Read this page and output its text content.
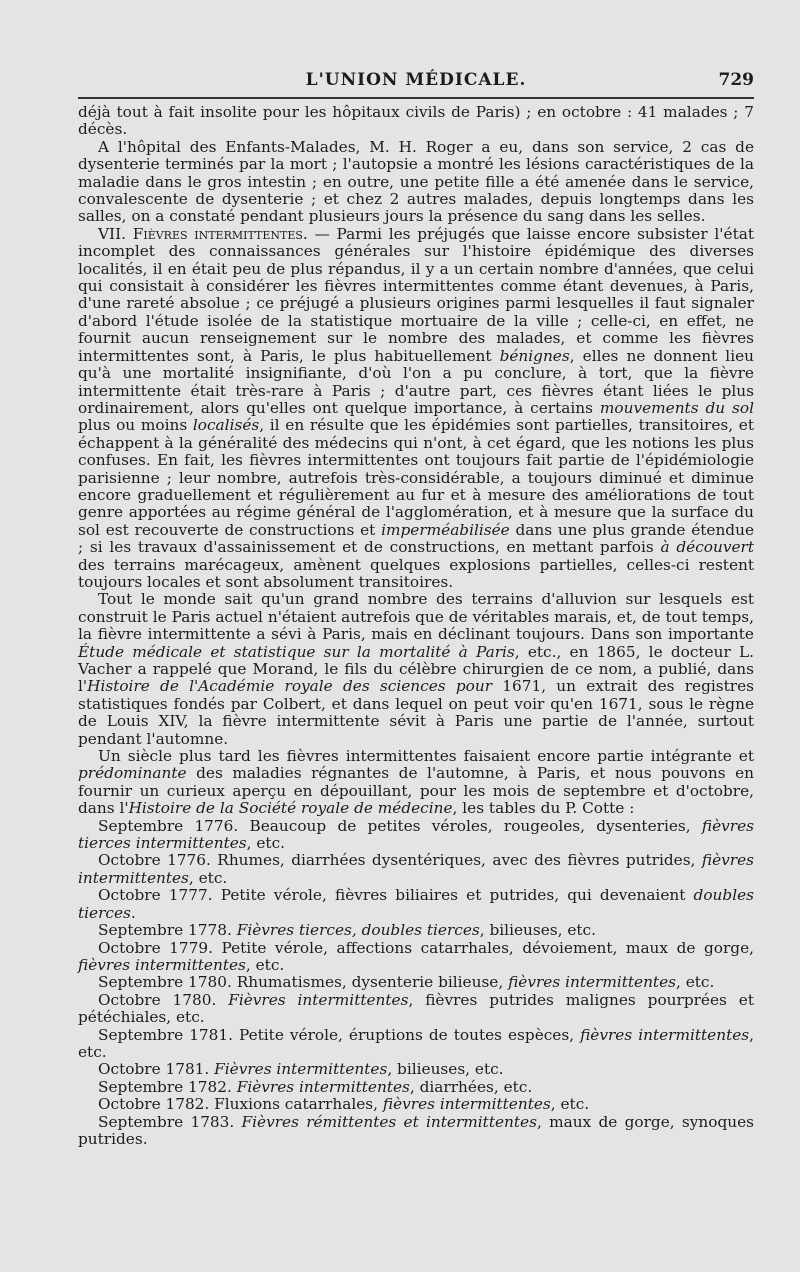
L'UNION MÉDICALE.	729

déjà tout à fait insolite pour les hôpitaux civils de Paris) ; en octobre : 41 malades ; 7 décès.

A l'hôpital des Enfants-Malades, M. H. Roger a eu, dans son service, 2 cas de dysenterie terminés par la mort ; l'autopsie a montré les lésions caractéristiques de la maladie dans le gros intestin ; en outre, une petite fille a été amenée dans le service, convalescente de dysenterie ; et chez 2 autres malades, depuis longtemps dans les salles, on a constaté pendant plusieurs jours la présence du sang dans les selles.

VII. Fièvres intermittentes. — Parmi les préjugés que laisse encore subsister l'état incomplet des connaissances générales sur l'histoire épidémique des diverses localités, il en était peu de plus répandus, il y a un certain nombre d'années, que celui qui consistait à considérer les fièvres intermittentes comme étant devenues, à Paris, d'une rareté absolue ; ce préjugé a plusieurs origines parmi lesquelles il faut signaler d'abord l'étude isolée de la statistique mortuaire de la ville ; celle-ci, en effet, ne fournit aucun renseignement sur le nombre des malades, et comme les fièvres intermittentes sont, à Paris, le plus habituellement bénignes, elles ne donnent lieu qu'à une mortalité insignifiante, d'où l'on a pu conclure, à tort, que la fièvre intermittente était très-rare à Paris ; d'autre part, ces fièvres étant liées le plus ordinairement, alors qu'elles ont quelque importance, à certains mouvements du sol plus ou moins localisés, il en résulte que les épidémies sont partielles, transitoires, et échappent à la généralité des médecins qui n'ont, à cet égard, que les notions les plus confuses. En fait, les fièvres intermittentes ont toujours fait partie de l'épidémiologie parisienne ; leur nombre, autrefois très-considérable, a toujours diminué et diminue encore graduellement et régulièrement au fur et à mesure des améliorations de tout genre apportées au régime général de l'agglomération, et à mesure que la surface du sol est recouverte de constructions et imperméabilisée dans une plus grande étendue ; si les travaux d'assainissement et de constructions, en mettant parfois à découvert des terrains marécageux, amènent quelques explosions partielles, celles-ci restent toujours locales et sont absolument transitoires.

Tout le monde sait qu'un grand nombre des terrains d'alluvion sur lesquels est construit le Paris actuel n'étaient autrefois que de véritables marais, et, de tout temps, la fièvre intermittente a sévi à Paris, mais en déclinant toujours. Dans son importante Étude médicale et statistique sur la mortalité à Paris, etc., en 1865, le docteur L. Vacher a rappelé que Morand, le fils du célèbre chirurgien de ce nom, a publié, dans l'Histoire de l'Académie royale des sciences pour 1671, un extrait des registres statistiques fondés par Colbert, et dans lequel on peut voir qu'en 1671, sous le règne de Louis XIV, la fièvre intermittente sévit à Paris une partie de l'année, surtout pendant l'automne.

Un siècle plus tard les fièvres intermittentes faisaient encore partie intégrante et prédominante des maladies régnantes de l'automne, à Paris, et nous pouvons en fournir un curieux aperçu en dépouillant, pour les mois de septembre et d'octobre, dans l'Histoire de la Société royale de médecine, les tables du P. Cotte :

Septembre 1776. Beaucoup de petites véroles, rougeoles, dysenteries, fièvres tierces intermittentes, etc.

Octobre 1776. Rhumes, diarrhées dysentériques, avec des fièvres putrides, fièvres intermittentes, etc.

Octobre 1777. Petite vérole, fièvres biliaires et putrides, qui devenaient doubles tierces.

Septembre 1778. Fièvres tierces, doubles tierces, bilieuses, etc.

Octobre 1779. Petite vérole, affections catarrhales, dévoiement, maux de gorge, fièvres intermittentes, etc.

Septembre 1780. Rhumatismes, dysenterie bilieuse, fièvres intermittentes, etc.

Octobre 1780. Fièvres intermittentes, fièvres putrides malignes pourprées et pétéchiales, etc.

Septembre 1781. Petite vérole, éruptions de toutes espèces, fièvres intermittentes, etc.

Octobre 1781. Fièvres intermittentes, bilieuses, etc.

Septembre 1782. Fièvres intermittentes, diarrhées, etc.

Octobre 1782. Fluxions catarrhales, fièvres intermittentes, etc.

Septembre 1783. Fièvres rémittentes et intermittentes, maux de gorge, synoques putrides.
